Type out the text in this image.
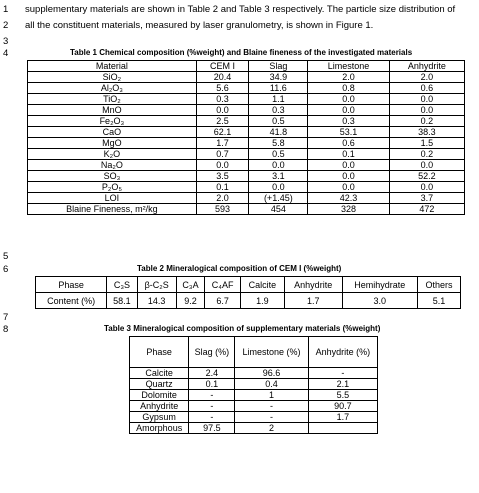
1
2
3
4
5
6
7
8
supplementary materials are shown in Table 2 and Table 3 respectively. The particle size distribution of
all the constituent materials, measured by laser granulometry, is shown in Figure 1.
Table 1 Chemical composition (%weight) and Blaine fineness of the investigated materials
Material	CEM I	Slag	Limestone	Anhydrite
SiO₂	20.4	34.9	2.0	2.0
Al₂O₃	5.6	11.6	0.8	0.6
TiO₂	0.3	1.1	0.0	0.0
MnO	0.0	0.3	0.0	0.0
Fe₂O₃	2.5	0.5	0.3	0.2
CaO	62.1	41.8	53.1	38.3
MgO	1.7	5.8	0.6	1.5
K₂O	0.7	0.5	0.1	0.2
Na₂O	0.0	0.0	0.0	0.0
SO₃	3.5	3.1	0.0	52.2
P₂O₅	0.1	0.0	0.0	0.0
LOI	2.0	(+1.45)	42.3	3.7
Blaine Fineness, m²/kg	593	454	328	472
Table 2 Mineralogical composition of CEM I (%weight)
Phase	C₃S	β-C₂S	C₃A	C₄AF	Calcite	Anhydrite	Hemihydrate	Others
Content (%)	58.1	14.3	9.2	6.7	1.9	1.7	3.0	5.1
Table 3 Mineralogical composition of supplementary materials (%weight)
Phase	Slag (%)	Limestone (%)	Anhydrite (%)
Calcite	2.4	96.6	-
Quartz	0.1	0.4	2.1
Dolomite	-	1	5.5
Anhydrite	-	-	90.7
Gypsum	-	-	1.7
Amorphous	97.5	2	
